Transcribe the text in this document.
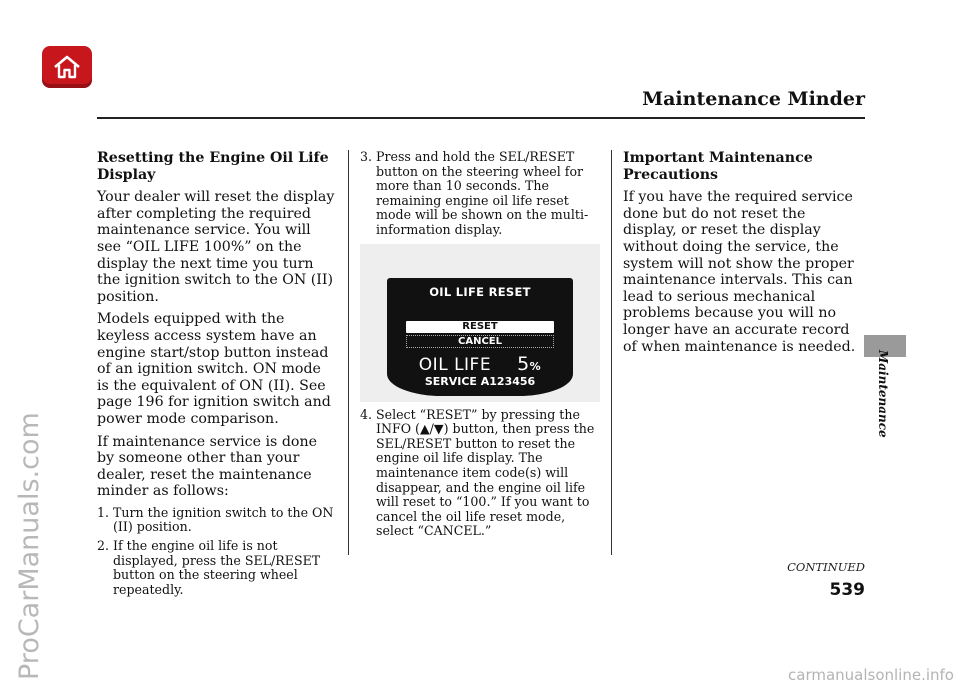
ProCarManuals.com
Maintenance Minder

Resetting the Engine Oil Life Display

Your dealer will reset the display after completing the required maintenance service. You will see “OIL LIFE 100%” on the display the next time you turn the ignition switch to the ON (II) position.

Models equipped with the keyless access system have an engine start/stop button instead of an ignition switch. ON mode is the equivalent of ON (II). See page 196 for ignition switch and power mode comparison.

If maintenance service is done by someone other than your dealer, reset the maintenance minder as follows:

1. Turn the ignition switch to the ON (II) position.
2. If the engine oil life is not displayed, press the SEL/RESET button on the steering wheel repeatedly.
3. Press and hold the SEL/RESET button on the steering wheel for more than 10 seconds. The remaining engine oil life reset mode will be shown on the multi-information display.
OIL LIFE RESET
RESET
CANCEL
OIL LIFE 5%
SERVICE A123456
4. Select “RESET” by pressing the INFO (▲/▼) button, then press the SEL/RESET button to reset the engine oil life display. The maintenance item code(s) will disappear, and the engine oil life will reset to “100.” If you want to cancel the oil life reset mode, select “CANCEL.”

Important Maintenance Precautions

If you have the required service done but do not reset the display, or reset the display without doing the service, the system will not show the proper maintenance intervals. This can lead to serious mechanical problems because you will no longer have an accurate record of when maintenance is needed.

Maintenance
CONTINUED
539
carmanualsonline.info
